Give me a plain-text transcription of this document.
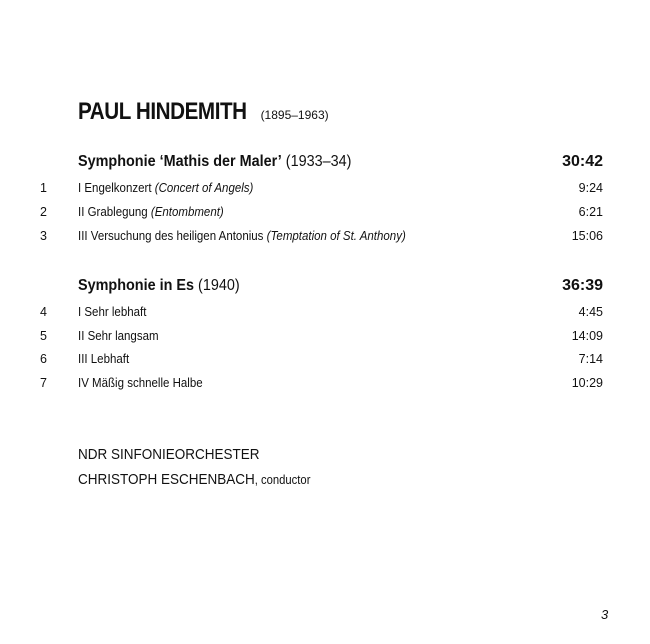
PAUL HINDEMITH (1895–1963)
Symphonie ‘Mathis der Maler’ (1933–34)	30:42
1 I Engelkonzert (Concert of Angels)	9:24
2 II Grablegung (Entombment)	6:21
3 III Versuchung des heiligen Antonius (Temptation of St. Anthony)	15:06
Symphonie in Es (1940)	36:39
4 I Sehr lebhaft	4:45
5 II Sehr langsam	14:09
6 III Lebhaft	7:14
7 IV Mäßig schnelle Halbe	10:29
NDR SINFONIEORCHESTER
CHRISTOPH ESCHENBACH, conductor
3
